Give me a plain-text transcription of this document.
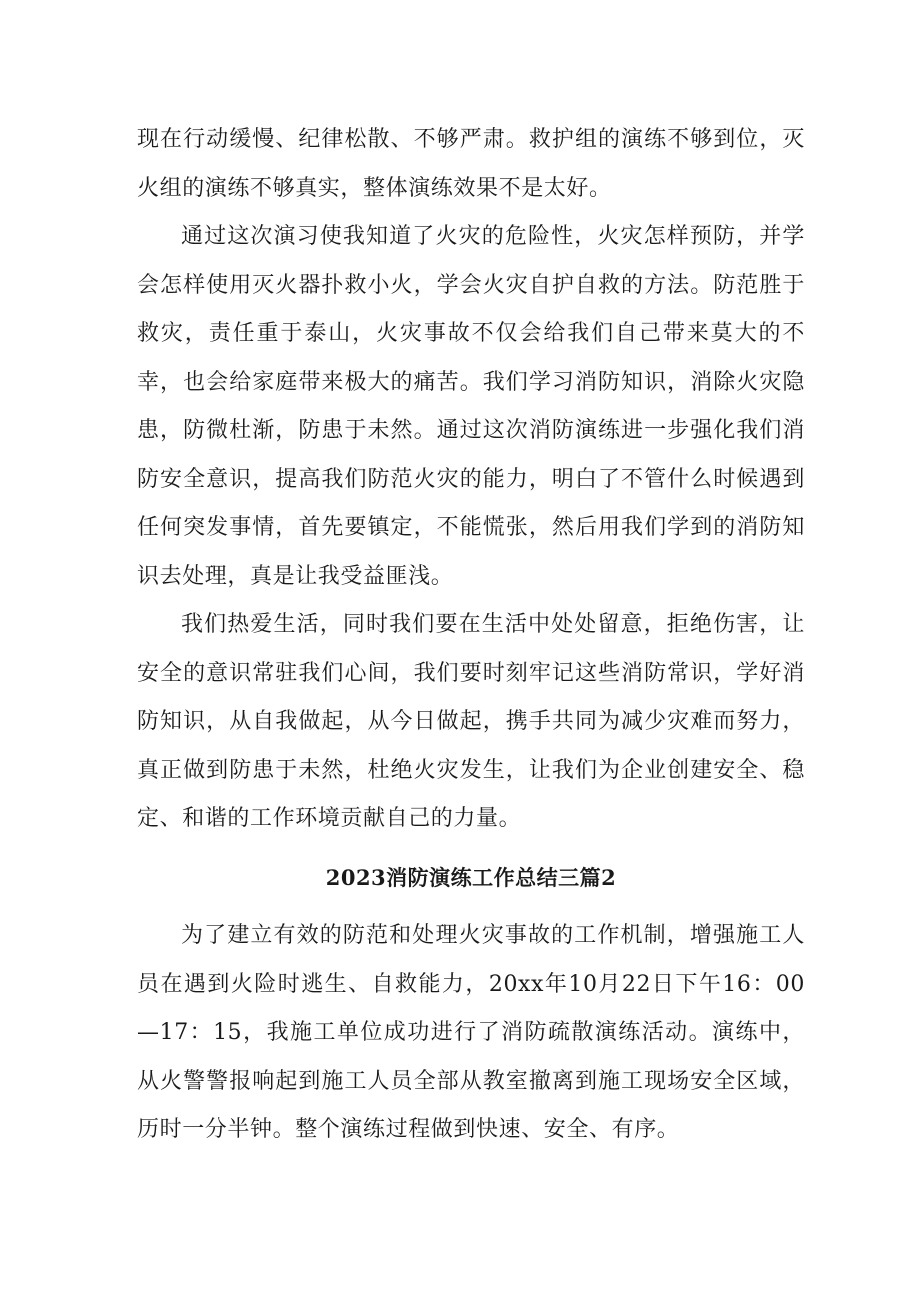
现在行动缓慢、纪律松散、不够严肃。救护组的演练不够到位，灭火组的演练不够真实，整体演练效果不是太好。

通过这次演习使我知道了火灾的危险性，火灾怎样预防，并学会怎样使用灭火器扑救小火，学会火灾自护自救的方法。防范胜于救灾，责任重于泰山，火灾事故不仅会给我们自己带来莫大的不幸，也会给家庭带来极大的痛苦。我们学习消防知识，消除火灾隐患，防微杜渐，防患于未然。通过这次消防演练进一步强化我们消防安全意识，提高我们防范火灾的能力，明白了不管什么时候遇到任何突发事情，首先要镇定，不能慌张，然后用我们学到的消防知识去处理，真是让我受益匪浅。

我们热爱生活，同时我们要在生活中处处留意，拒绝伤害，让安全的意识常驻我们心间，我们要时刻牢记这些消防常识，学好消防知识，从自我做起，从今日做起，携手共同为减少灾难而努力，真正做到防患于未然，杜绝火灾发生，让我们为企业创建安全、稳定、和谐的工作环境贡献自己的力量。

2023消防演练工作总结三篇2

为了建立有效的防范和处理火灾事故的工作机制，增强施工人员在遇到火险时逃生、自救能力，20xx年10月22日下午16：00—17：15，我施工单位成功进行了消防疏散演练活动。演练中，从火警警报响起到施工人员全部从教室撤离到施工现场安全区域，历时一分半钟。整个演练过程做到快速、安全、有序。
